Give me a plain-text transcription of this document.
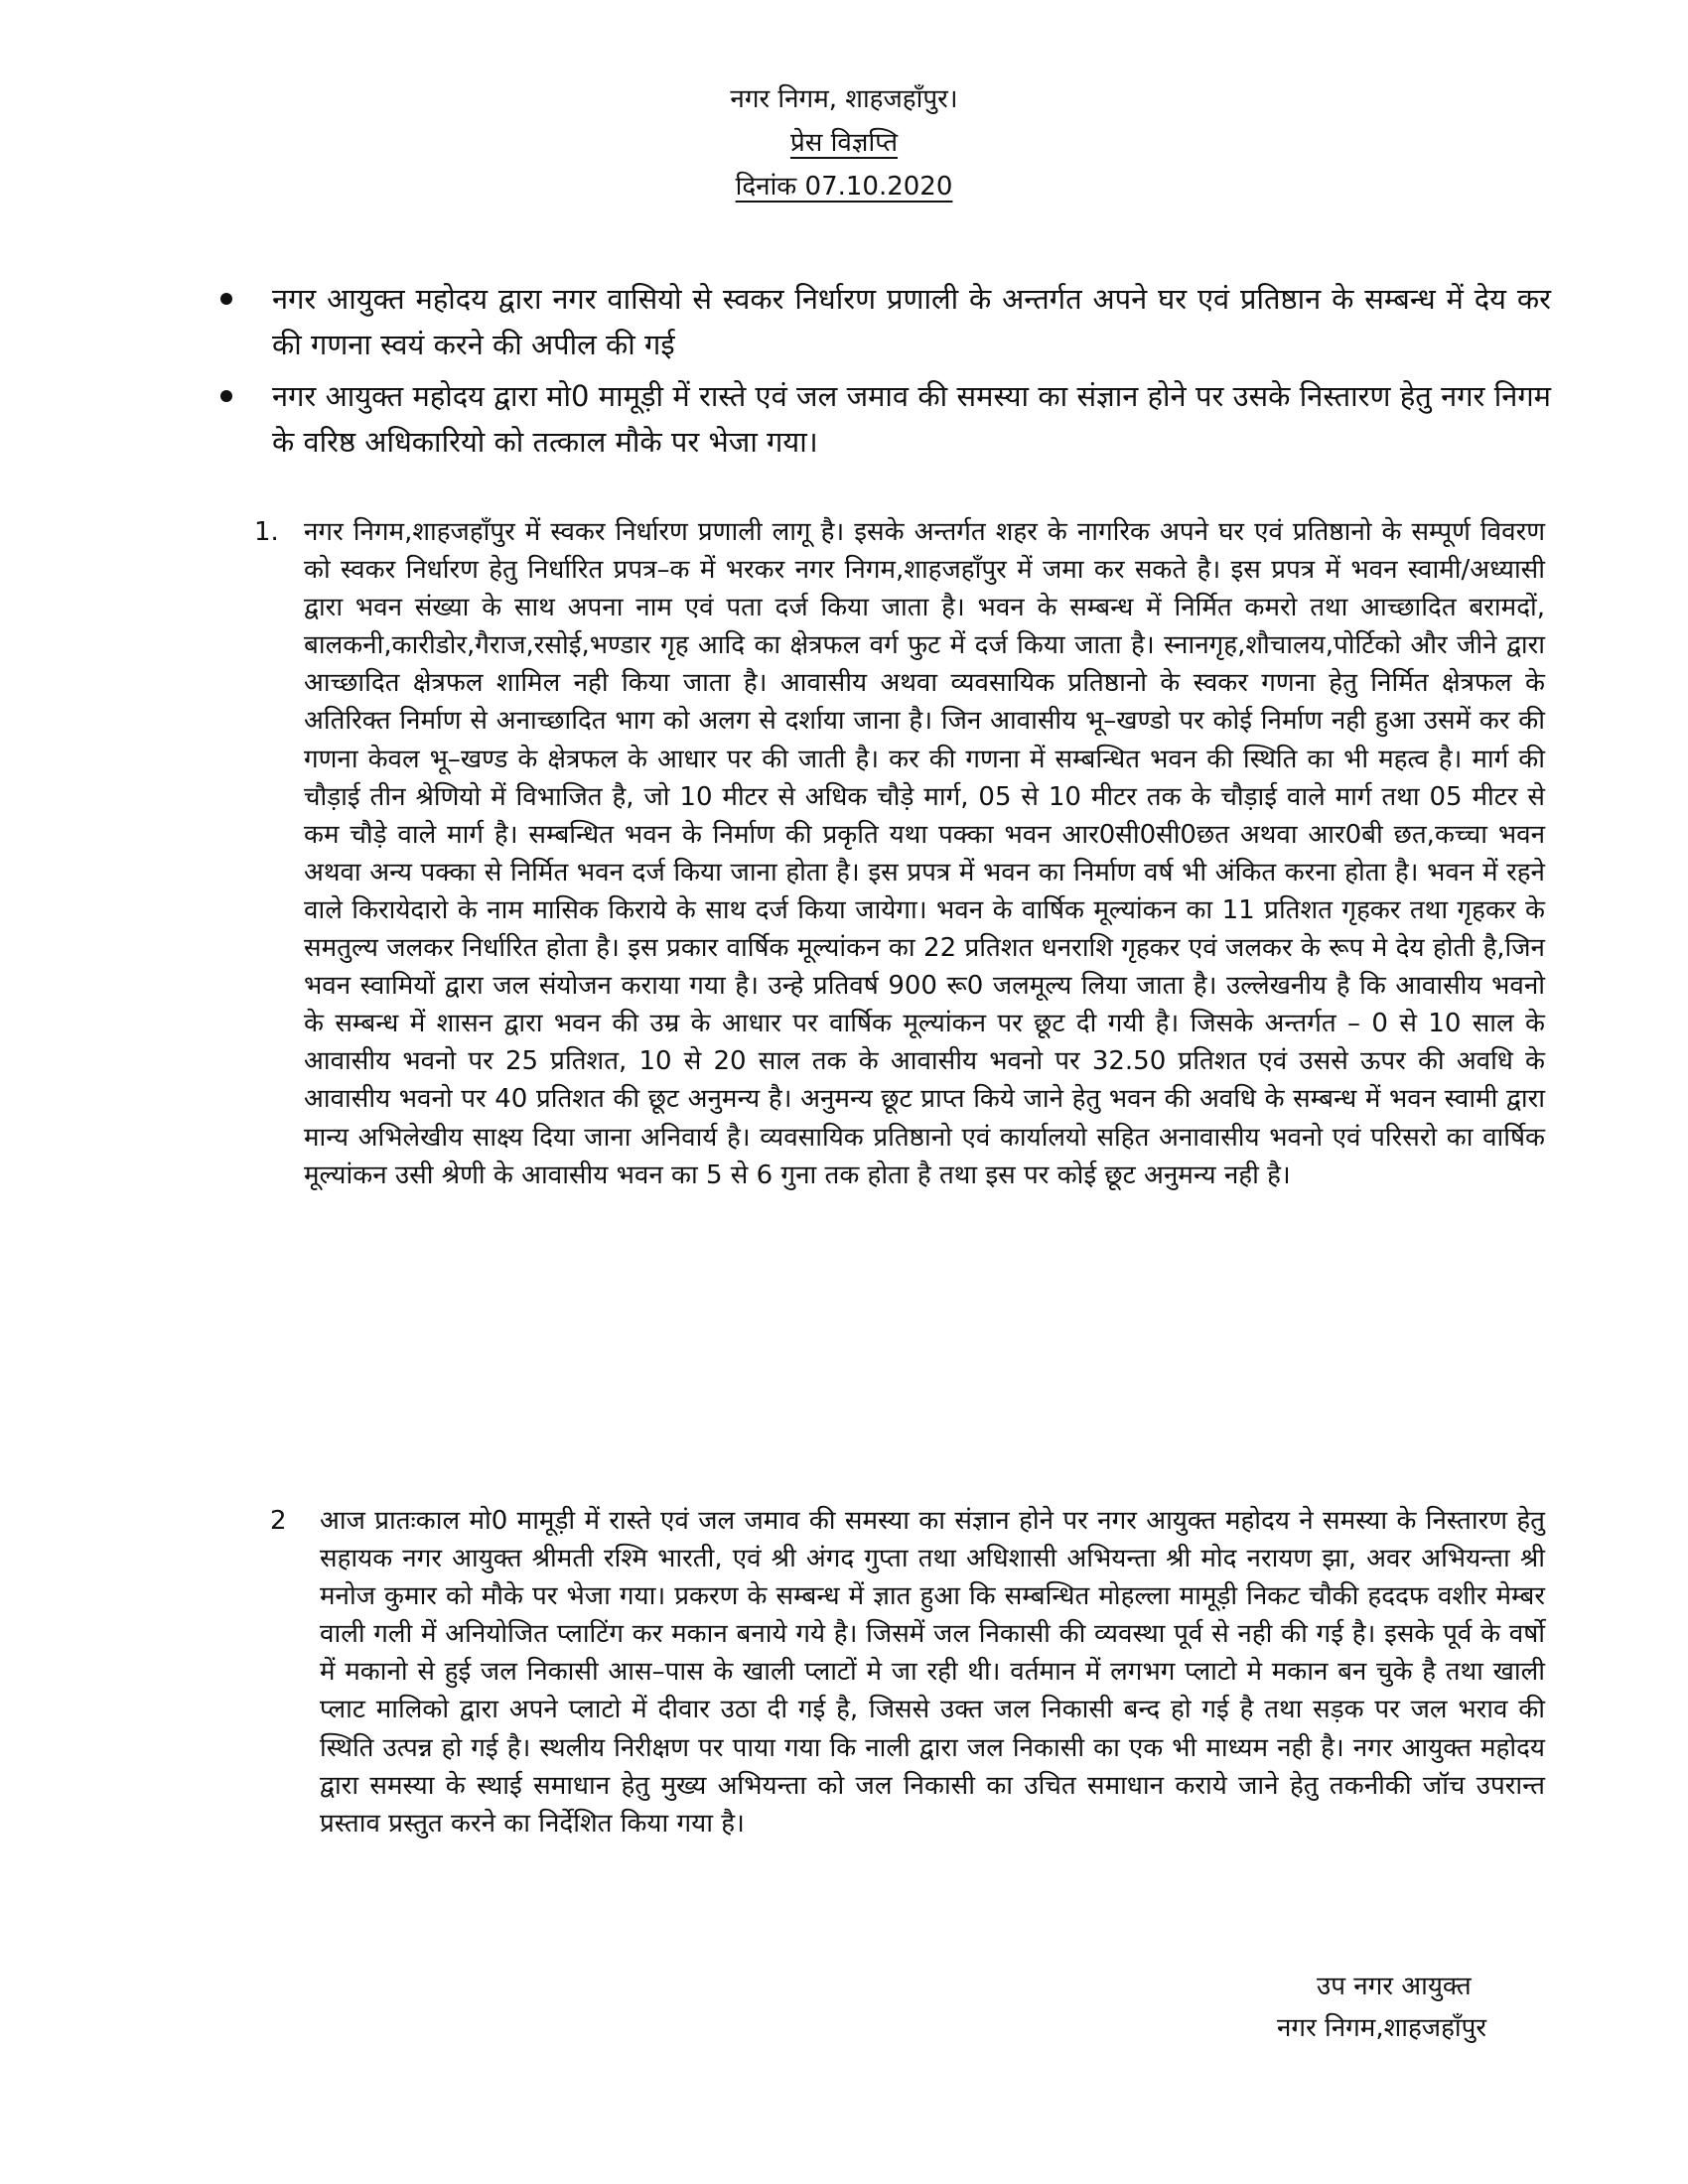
नगर निगम, शाहजहाँपुर।
प्रेस विज्ञप्ति
दिनांक 07.10.2020
नगर आयुक्त महोदय द्वारा नगर वासियो से स्वकर निर्धारण प्रणाली के अन्तर्गत अपने घर एवं प्रतिष्ठान के सम्बन्ध में देय कर की गणना स्वयं करने की अपील की गई
नगर आयुक्त महोदय द्वारा मो0 मामूड़ी में रास्ते एवं जल जमाव की समस्या का संज्ञान होने पर उसके निस्तारण हेतु नगर निगम के वरिष्ठ अधिकारियो को तत्काल मौके पर भेजा गया।
1. नगर निगम,शाहजहाँपुर में स्वकर निर्धारण प्रणाली लागू है। इसके अन्तर्गत शहर के नागरिक अपने घर एवं प्रतिष्ठानो के सम्पूर्ण विवरण को स्वकर निर्धारण हेतु निर्धारित प्रपत्र–क में भरकर नगर निगम,शाहजहाँपुर में जमा कर सकते है। इस प्रपत्र में भवन स्वामी/अध्यासी द्वारा भवन संख्या के साथ अपना नाम एवं पता दर्ज किया जाता है। भवन के सम्बन्ध में निर्मित कमरो तथा आच्छादित बरामदों, बालकनी,कारीडोर,गैराज,रसोई,भण्डार गृह आदि का क्षेत्रफल वर्ग फुट में दर्ज किया जाता है। स्नानगृह,शौचालय,पोर्टिको और जीने द्वारा आच्छादित क्षेत्रफल शामिल नही किया जाता है। आवासीय अथवा व्यवसायिक प्रतिष्ठानो के स्वकर गणना हेतु निर्मित क्षेत्रफल के अतिरिक्त निर्माण से अनाच्छादित भाग को अलग से दर्शाया जाना है। जिन आवासीय भू–खण्डो पर कोई निर्माण नही हुआ उसमें कर की गणना केवल भू–खण्ड के क्षेत्रफल के आधार पर की जाती है। कर की गणना में सम्बन्धित भवन की स्थिति का भी महत्व है। मार्ग की चौड़ाई तीन श्रेणियो में विभाजित है, जो 10 मीटर से अधिक चौड़े मार्ग, 05 से 10 मीटर तक के चौड़ाई वाले मार्ग तथा 05 मीटर से कम चौड़े वाले मार्ग है। सम्बन्धित भवन के निर्माण की प्रकृति यथा पक्का भवन आर0सी0सी0छत अथवा आर0बी छत,कच्चा भवन अथवा अन्य पक्का से निर्मित भवन दर्ज किया जाना होता है। इस प्रपत्र में भवन का निर्माण वर्ष भी अंकित करना होता है। भवन में रहने वाले किरायेदारो के नाम मासिक किराये के साथ दर्ज किया जायेगा। भवन के वार्षिक मूल्यांकन का 11 प्रतिशत गृहकर तथा गृहकर के समतुल्य जलकर निर्धारित होता है। इस प्रकार वार्षिक मूल्यांकन का 22 प्रतिशत धनराशि गृहकर एवं जलकर के रूप मे देय होती है,जिन भवन स्वामियों द्वारा जल संयोजन कराया गया है। उन्हे प्रतिवर्ष 900 रू0 जलमूल्य लिया जाता है। उल्लेखनीय है कि आवासीय भवनो के सम्बन्ध में शासन द्वारा भवन की उम्र के आधार पर वार्षिक मूल्यांकन पर छूट दी गयी है। जिसके अन्तर्गत – 0 से 10 साल के आवासीय भवनो पर 25 प्रतिशत, 10 से 20 साल तक के आवासीय भवनो पर 32.50 प्रतिशत एवं उससे ऊपर की अवधि के आवासीय भवनो पर 40 प्रतिशत की छूट अनुमन्य है। अनुमन्य छूट प्राप्त किये जाने हेतु भवन की अवधि के सम्बन्ध में भवन स्वामी द्वारा मान्य अभिलेखीय साक्ष्य दिया जाना अनिवार्य है। व्यवसायिक प्रतिष्ठानो एवं कार्यालयो सहित अनावासीय भवनो एवं परिसरो का वार्षिक मूल्यांकन उसी श्रेणी के आवासीय भवन का 5 से 6 गुना तक होता है तथा इस पर कोई छूट अनुमन्य नही है।
2 आज प्रातःकाल मो0 मामूड़ी में रास्ते एवं जल जमाव की समस्या का संज्ञान होने पर नगर आयुक्त महोदय ने समस्या के निस्तारण हेतु सहायक नगर आयुक्त श्रीमती रश्मि भारती, एवं श्री अंगद गुप्ता तथा अधिशासी अभियन्ता श्री मोद नरायण झा, अवर अभियन्ता श्री मनोज कुमार को मौके पर भेजा गया। प्रकरण के सम्बन्ध में ज्ञात हुआ कि सम्बन्धित मोहल्ला मामूड़ी निकट चौकी हददफ वशीर मेम्बर वाली गली में अनियोजित प्लाटिंग कर मकान बनाये गये है। जिसमें जल निकासी की व्यवस्था पूर्व से नही की गई है। इसके पूर्व के वर्षो में मकानो से हुई जल निकासी आस–पास के खाली प्लाटों मे जा रही थी। वर्तमान में लगभग प्लाटो मे मकान बन चुके है तथा खाली प्लाट मालिको द्वारा अपने प्लाटो में दीवार उठा दी गई है, जिससे उक्त जल निकासी बन्द हो गई है तथा सड़क पर जल भराव की स्थिति उत्पन्न हो गई है। स्थलीय निरीक्षण पर पाया गया कि नाली द्वारा जल निकासी का एक भी माध्यम नही है। नगर आयुक्त महोदय द्वारा समस्या के स्थाई समाधान हेतु मुख्य अभियन्ता को जल निकासी का उचित समाधान कराये जाने हेतु तकनीकी जॉच उपरान्त प्रस्ताव प्रस्तुत करने का निर्देशित किया गया है।
उप नगर आयुक्त
नगर निगम,शाहजहाँपुर
